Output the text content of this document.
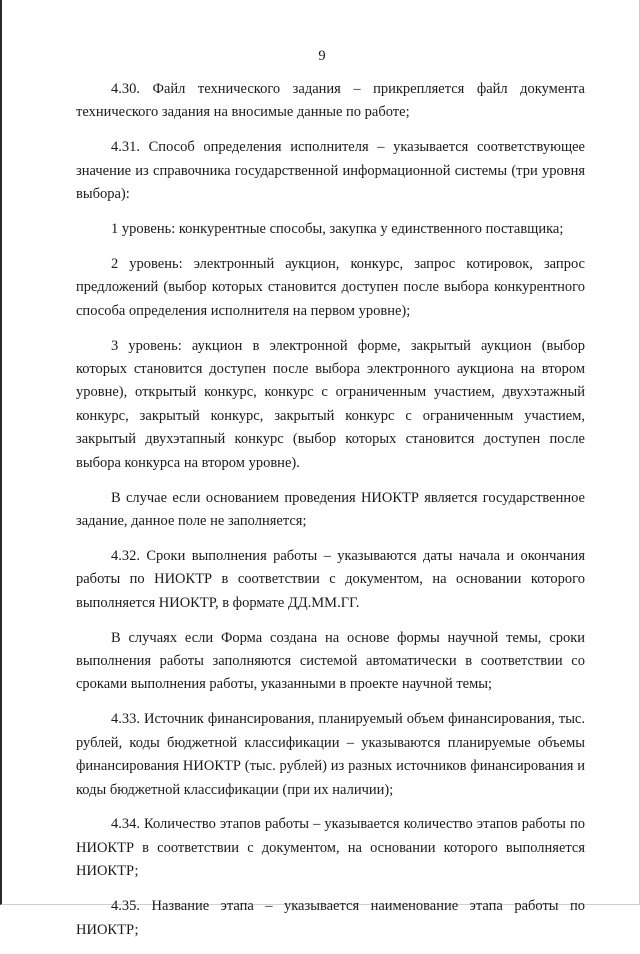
9

4.30. Файл технического задания – прикрепляется файл документа технического задания на вносимые данные по работе;

4.31. Способ определения исполнителя – указывается соответствующее значение из справочника государственной информационной системы (три уровня выбора):

1 уровень: конкурентные способы, закупка у единственного поставщика;

2 уровень: электронный аукцион, конкурс, запрос котировок, запрос предложений (выбор которых становится доступен после выбора конкурентного способа определения исполнителя на первом уровне);

3 уровень: аукцион в электронной форме, закрытый аукцион (выбор которых становится доступен после выбора электронного аукциона на втором уровне), открытый конкурс, конкурс с ограниченным участием, двухэтажный конкурс, закрытый конкурс, закрытый конкурс с ограниченным участием, закрытый двухэтапный конкурс (выбор которых становится доступен после выбора конкурса на втором уровне).

В случае если основанием проведения НИОКТР является государственное задание, данное поле не заполняется;

4.32. Сроки выполнения работы – указываются даты начала и окончания работы по НИОКТР в соответствии с документом, на основании которого выполняется НИОКТР, в формате ДД.ММ.ГГ.

В случаях если Форма создана на основе формы научной темы, сроки выполнения работы заполняются системой автоматически в соответствии со сроками выполнения работы, указанными в проекте научной темы;

4.33. Источник финансирования, планируемый объем финансирования, тыс. рублей, коды бюджетной классификации – указываются планируемые объемы финансирования НИОКТР (тыс. рублей) из разных источников финансирования и коды бюджетной классификации (при их наличии);

4.34. Количество этапов работы – указывается количество этапов работы по НИОКТР в соответствии с документом, на основании которого выполняется НИОКТР;

4.35. Название этапа – указывается наименование этапа работы по НИОКТР;
